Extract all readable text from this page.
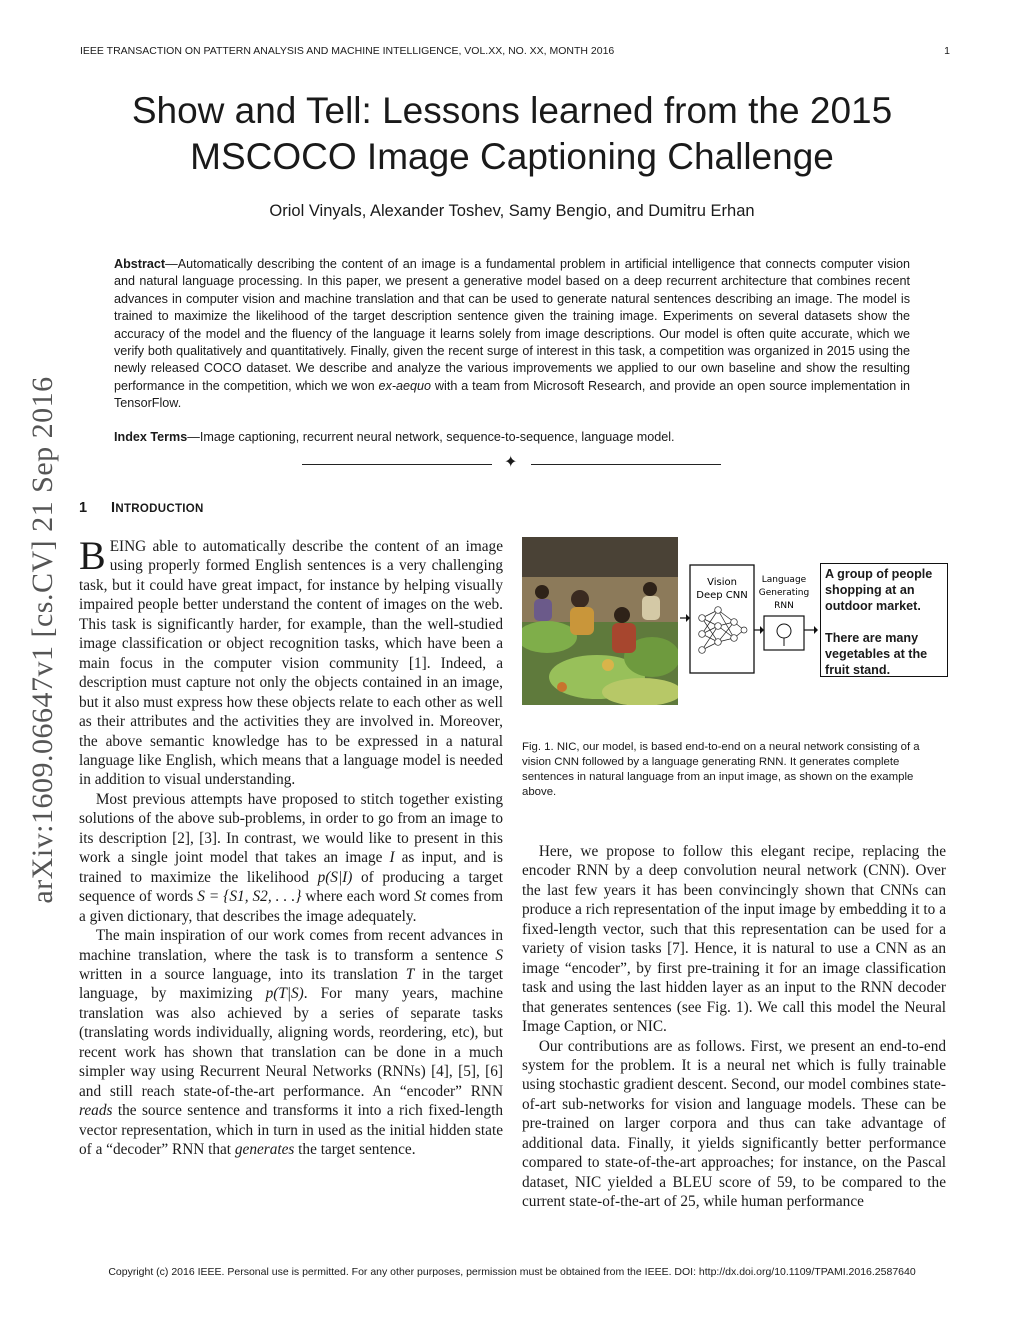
IEEE TRANSACTION ON PATTERN ANALYSIS AND MACHINE INTELLIGENCE, VOL.XX, NO. XX, MONTH 2016	1
Show and Tell: Lessons learned from the 2015
MSCOCO Image Captioning Challenge
Oriol Vinyals, Alexander Toshev, Samy Bengio, and Dumitru Erhan

Abstract—Automatically describing the content of an image is a fundamental problem in artificial intelligence that connects computer vision and natural language processing. In this paper, we present a generative model based on a deep recurrent architecture that combines recent advances in computer vision and machine translation and that can be used to generate natural sentences describing an image. The model is trained to maximize the likelihood of the target description sentence given the training image. Experiments on several datasets show the accuracy of the model and the fluency of the language it learns solely from image descriptions. Our model is often quite accurate, which we verify both qualitatively and quantitatively. Finally, given the recent surge of interest in this task, a competition was organized in 2015 using the newly released COCO dataset. We describe and analyze the various improvements we applied to our own baseline and show the resulting performance in the competition, which we won ex-aequo with a team from Microsoft Research, and provide an open source implementation in TensorFlow.

Index Terms—Image captioning, recurrent neural network, sequence-to-sequence, language model.
✦
arXiv:1609.06647v1 [cs.CV] 21 Sep 2016 1 INTRODUCTION

BEING able to automatically describe the content of an image using properly formed English sentences is a very challenging task, but it could have great impact, for instance by helping visually impaired people better understand the content of images on the web. This task is significantly harder, for example, than the well-studied image classification or object recognition tasks, which have been a main focus in the computer vision community [1]. Indeed, a description must capture not only the objects contained in an image, but it also must express how these objects relate to each other as well as their attributes and the activities they are involved in. Moreover, the above semantic knowledge has to be expressed in a natural language like English, which means that a language model is needed in addition to visual understanding.

Most previous attempts have proposed to stitch together existing solutions of the above sub-problems, in order to go from an image to its description [2], [3]. In contrast, we would like to present in this work a single joint model that takes an image I as input, and is trained to maximize the likelihood p(S|I) of producing a target sequence of words S = {S1, S2, . . .} where each word St comes from a given dictionary, that describes the image adequately.

The main inspiration of our work comes from recent advances in machine translation, where the task is to transform a sentence S written in a source language, into its translation T in the target language, by maximizing p(T|S). For many years, machine translation was also achieved by a series of separate tasks (translating words individually, aligning words, reordering, etc), but recent work has shown that translation can be done in a much simpler way using Recurrent Neural Networks (RNNs) [4], [5], [6] and still reach state-of-the-art performance. An “encoder” RNN reads the source sentence and transforms it into a rich fixed-length vector representation, which in turn in used as the initial hidden state of a “decoder” RNN that generates the target sentence.

Vision
Deep CNN
Language
Generating
RNN

A group of people shopping at an outdoor market.

There are many vegetables at the fruit stand.

Fig. 1. NIC, our model, is based end-to-end on a neural network consisting of a vision CNN followed by a language generating RNN. It generates complete sentences in natural language from an input image, as shown on the example above.

Here, we propose to follow this elegant recipe, replacing the encoder RNN by a deep convolution neural network (CNN). Over the last few years it has been convincingly shown that CNNs can produce a rich representation of the input image by embedding it to a fixed-length vector, such that this representation can be used for a variety of vision tasks [7]. Hence, it is natural to use a CNN as an image “encoder”, by first pre-training it for an image classification task and using the last hidden layer as an input to the RNN decoder that generates sentences (see Fig. 1). We call this model the Neural Image Caption, or NIC.

Our contributions are as follows. First, we present an end-to-end system for the problem. It is a neural net which is fully trainable using stochastic gradient descent. Second, our model combines state-of-art sub-networks for vision and language models. These can be pre-trained on larger corpora and thus can take advantage of additional data. Finally, it yields significantly better performance compared to state-of-the-art approaches; for instance, on the Pascal dataset, NIC yielded a BLEU score of 59, to be compared to the current state-of-the-art of 25, while human performance

Copyright (c) 2016 IEEE. Personal use is permitted. For any other purposes, permission must be obtained from the IEEE. DOI: http://dx.doi.org/10.1109/TPAMI.2016.2587640
